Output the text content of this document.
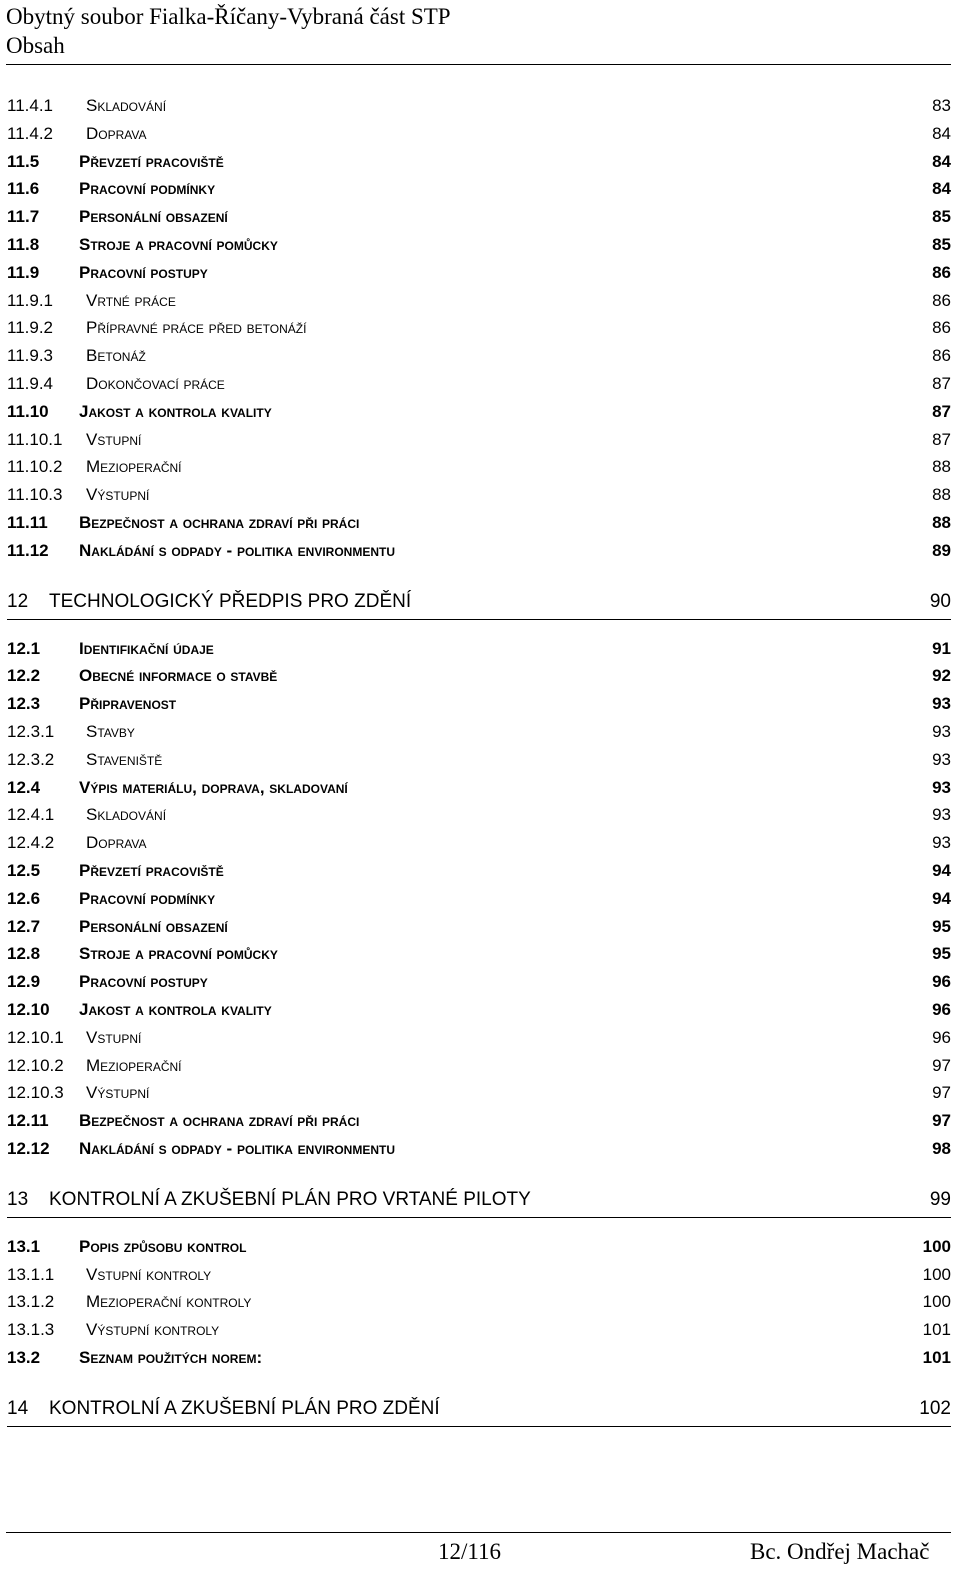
Obytný soubor Fialka-Říčany-Vybraná část STP
Obsah
11.4.1	Skladování	83
11.4.2	Doprava	84
11.5	Převzetí pracoviště	84
11.6	Pracovní podmínky	84
11.7	Personální obsazení	85
11.8	Stroje a pracovní pomůcky	85
11.9	Pracovní postupy	86
11.9.1	Vrtné práce	86
11.9.2	Přípravné práce před betonáží	86
11.9.3	Betonáž	86
11.9.4	Dokončovací práce	87
11.10	Jakost a kontrola kvality	87
11.10.1	Vstupní	87
11.10.2	Mezioperační	88
11.10.3	Výstupní	88
11.11	Bezpečnost a ochrana zdraví při práci	88
11.12	Nakládání s odpady - politika environmentu	89
12	TECHNOLOGICKÝ PŘEDPIS PRO ZDĚNÍ	90
12.1	Identifikační údaje	91
12.2	Obecné informace o stavbě	92
12.3	Připravenost	93
12.3.1	Stavby	93
12.3.2	Staveniště	93
12.4	Výpis materiálu, doprava, skladovaní	93
12.4.1	Skladování	93
12.4.2	Doprava	93
12.5	Převzetí pracoviště	94
12.6	Pracovní podmínky	94
12.7	Personální obsazení	95
12.8	Stroje a pracovní pomůcky	95
12.9	Pracovní postupy	96
12.10	Jakost a kontrola kvality	96
12.10.1	Vstupní	96
12.10.2	Mezioperační	97
12.10.3	Výstupní	97
12.11	Bezpečnost a ochrana zdraví při práci	97
12.12	Nakládání s odpady - politika environmentu	98
13	KONTROLNÍ A ZKUŠEBNÍ PLÁN PRO VRTANÉ PILOTY	99
13.1	Popis způsobu kontrol	100
13.1.1	Vstupní kontroly	100
13.1.2	Mezioperační kontroly	100
13.1.3	Výstupní kontroly	101
13.2	Seznam použitých norem:	101
14	KONTROLNÍ A ZKUŠEBNÍ PLÁN PRO ZDĚNÍ	102
12/116	Bc. Ondřej Machač
